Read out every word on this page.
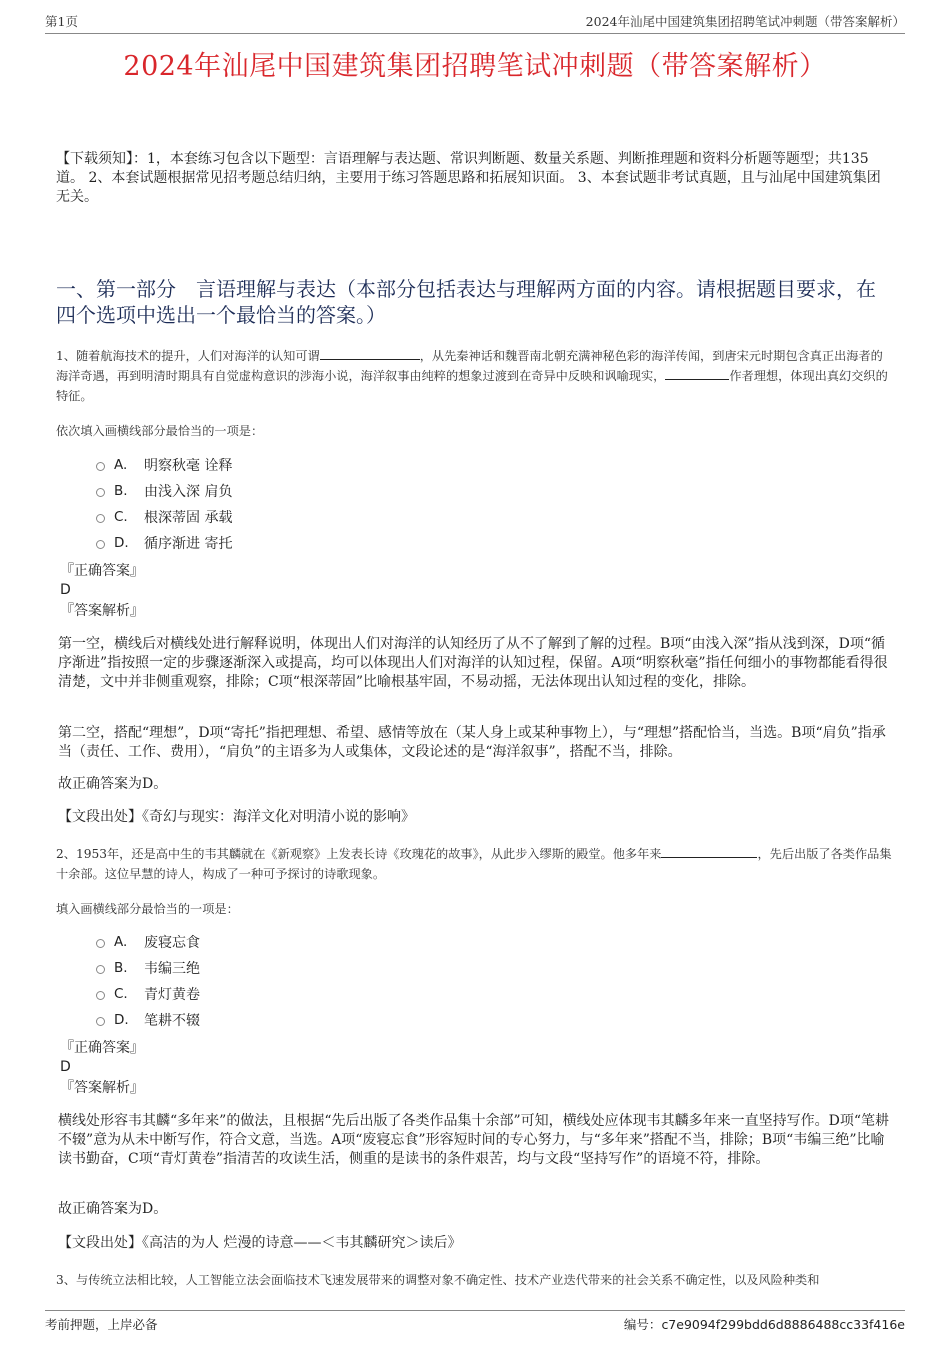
第1页	2024年汕尾中国建筑集团招聘笔试冲刺题（带答案解析）
2024年汕尾中国建筑集团招聘笔试冲刺题（带答案解析）
【下载须知】：1，本套练习包含以下题型：言语理解与表达题、常识判断题、数量关系题、判断推理题和资料分析题等题型；共135道。 2、本套试题根据常见招考题总结归纳，主要用于练习答题思路和拓展知识面。 3、本套试题非考试真题，且与汕尾中国建筑集团无关。
一、第一部分　言语理解与表达（本部分包括表达与理解两方面的内容。请根据题目要求，在四个选项中选出一个最恰当的答案。）
1、随着航海技术的提升，人们对海洋的认知可谓	，从先秦神话和魏晋南北朝充满神秘色彩的海洋传闻，到唐宋元时期包含真正出海者的海洋奇遇，再到明清时期具有自觉虚构意识的涉海小说，海洋叙事由纯粹的想象过渡到在奇异中反映和讽喻现实，	作者理想，体现出真幻交织的特征。
依次填入画横线部分最恰当的一项是：
A.	明察秋毫 诠释
B.	由浅入深 肩负
C.	根深蒂固 承载
D.	循序渐进 寄托
『正确答案』
D
『答案解析』
第一空，横线后对横线处进行解释说明，体现出人们对海洋的认知经历了从不了解到了解的过程。B项“由浅入深”指从浅到深，D项“循序渐进”指按照一定的步骤逐渐深入或提高，均可以体现出人们对海洋的认知过程，保留。A项“明察秋毫”指任何细小的事物都能看得很清楚，文中并非侧重观察，排除；C项“根深蒂固”比喻根基牢固，不易动摇，无法体现出认知过程的变化，排除。
第二空，搭配“理想”，D项“寄托”指把理想、希望、感情等放在（某人身上或某种事物上），与“理想”搭配恰当，当选。B项“肩负”指承当（责任、工作、费用），“肩负”的主语多为人或集体，文段论述的是“海洋叙事”，搭配不当，排除。
故正确答案为D。
【文段出处】《奇幻与现实：海洋文化对明清小说的影响》
2、1953年，还是高中生的韦其麟就在《新观察》上发表长诗《玫瑰花的故事》，从此步入缪斯的殿堂。他多年来	，先后出版了各类作品集十余部。这位早慧的诗人，构成了一种可予探讨的诗歌现象。
填入画横线部分最恰当的一项是：
A.	废寝忘食
B.	韦编三绝
C.	青灯黄卷
D.	笔耕不辍
『正确答案』
D
『答案解析』
横线处形容韦其麟“多年来”的做法，且根据“先后出版了各类作品集十余部”可知，横线处应体现韦其麟多年来一直坚持写作。D项“笔耕不辍”意为从未中断写作，符合文意，当选。A项“废寝忘食”形容短时间的专心努力，与“多年来”搭配不当，排除；B项“韦编三绝”比喻读书勤奋，C项“青灯黄卷”指清苦的攻读生活，侧重的是读书的条件艰苦，均与文段“坚持写作”的语境不符，排除。
故正确答案为D。
【文段出处】《高洁的为人 烂漫的诗意——＜韦其麟研究＞读后》
3、与传统立法相比较，人工智能立法会面临技术飞速发展带来的调整对象不确定性、技术产业迭代带来的社会关系不确定性，以及风险种类和
考前押题，上岸必备	编号：c7e9094f299bdd6d8886488cc33f416e
